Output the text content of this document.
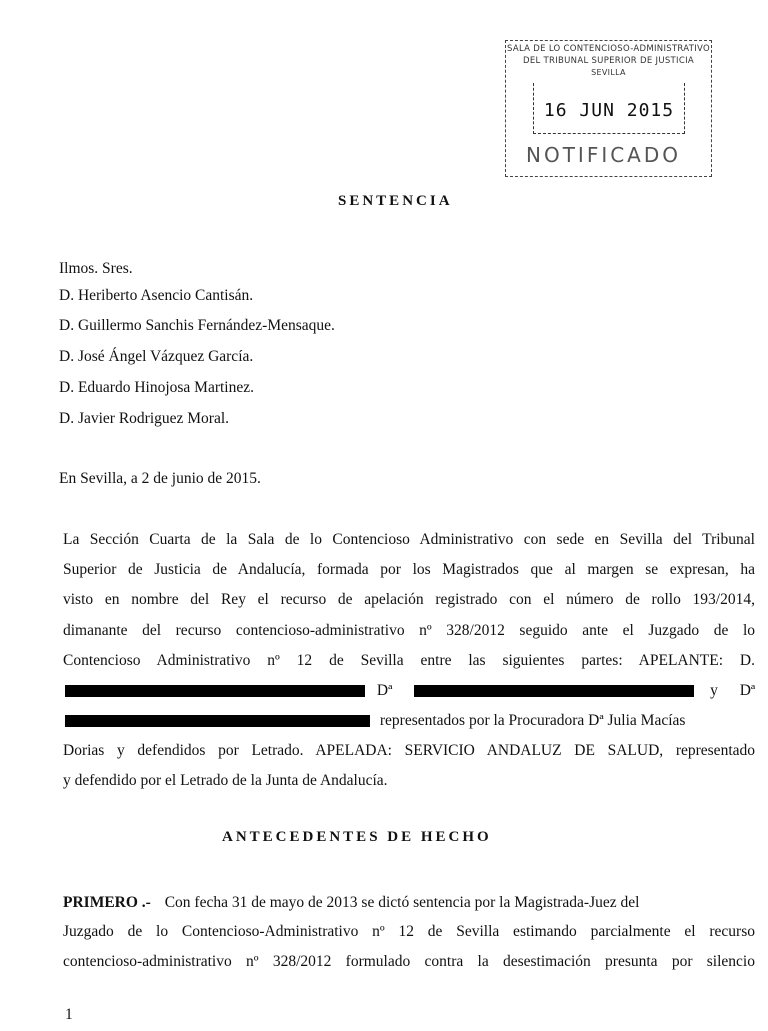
SALA DE LO CONTENCIOSO-ADMINISTRATIVO
DEL TRIBUNAL SUPERIOR DE JUSTICIA
SEVILLA
16 JUN 2015
NOTIFICADO
SENTENCIA
Ilmos. Sres.
D. Heriberto Asencio Cantisán.
D. Guillermo Sanchis Fernández-Mensaque.
D. José Ángel Vázquez García.
D. Eduardo Hinojosa Martinez.
D. Javier Rodriguez Moral.
En Sevilla, a 2 de junio de 2015.
La Sección Cuarta de la Sala de lo Contencioso Administrativo con sede en Sevilla del Tribunal
Superior de Justicia de Andalucía, formada por los Magistrados que al margen se expresan, ha
visto en nombre del Rey el recurso de apelación registrado con el número de rollo 193/2014,
dimanante del recurso contencioso-administrativo nº 328/2012 seguido ante el Juzgado de lo
Contencioso Administrativo nº 12 de Sevilla entre las siguientes partes: APELANTE: D.
Dª	y Dª
representados por la Procuradora Dª Julia Macías
Dorias y defendidos por Letrado. APELADA: SERVICIO ANDALUZ DE SALUD, representado
y defendido por el Letrado de la Junta de Andalucía.
ANTECEDENTES DE HECHO
PRIMERO .- Con fecha 31 de mayo de 2013 se dictó sentencia por la Magistrada-Juez del
Juzgado de lo Contencioso-Administrativo nº 12 de Sevilla estimando parcialmente el recurso
contencioso-administrativo nº 328/2012 formulado contra la desestimación presunta por silencio
1
